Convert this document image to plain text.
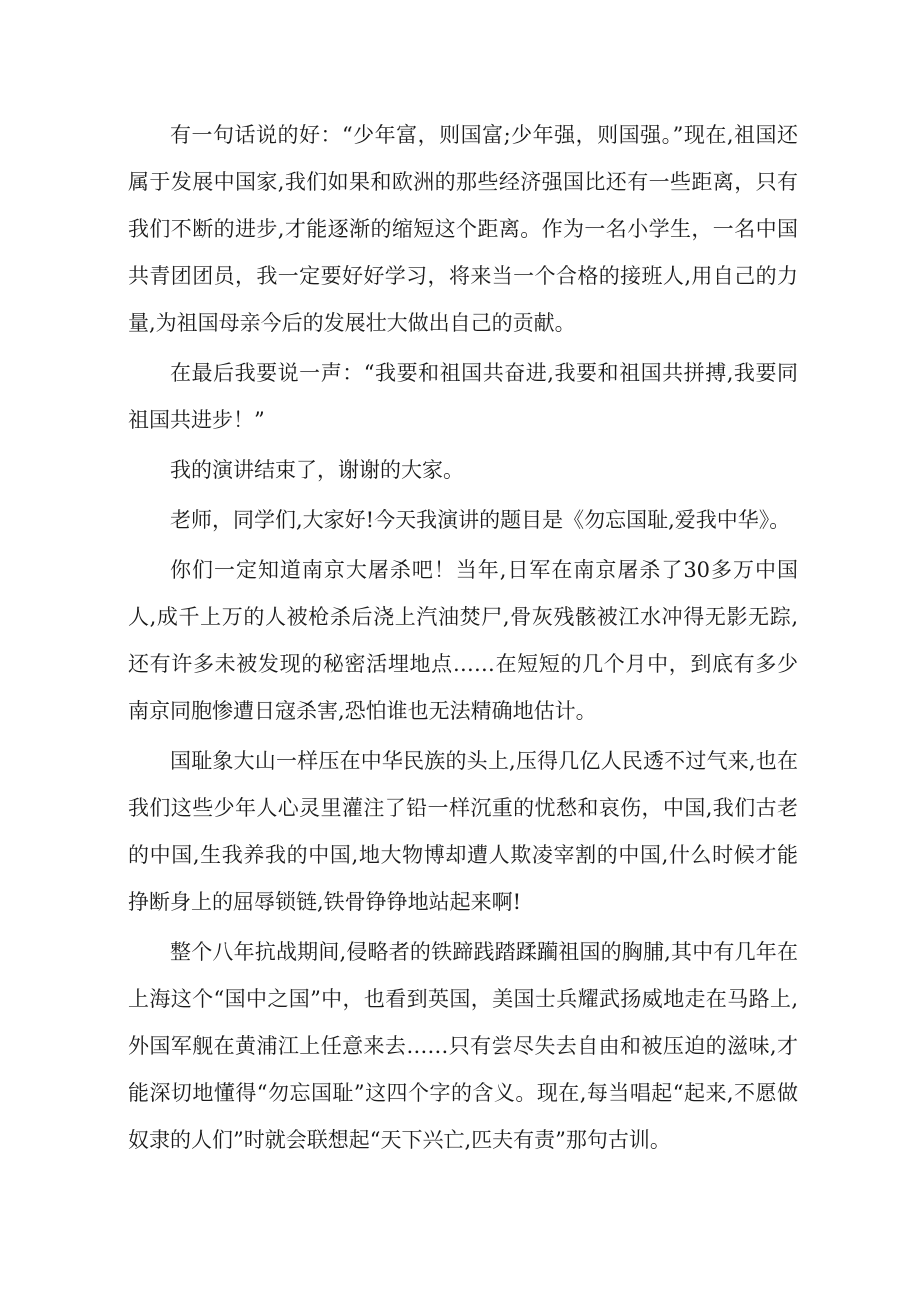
有一句话说的好：“少年富，则国富;少年强，则国强。”现在,祖国还属于发展中国家,我们如果和欧洲的那些经济强国比还有一些距离，只有我们不断的进步,才能逐渐的缩短这个距离。作为一名小学生，一名中国共青团团员，我一定要好好学习，将来当一个合格的接班人,用自己的力量,为祖国母亲今后的发展壮大做出自己的贡献。

在最后我要说一声：“我要和祖国共奋进,我要和祖国共拼搏,我要同祖国共进步！”

我的演讲结束了，谢谢的大家。

老师，同学们,大家好!今天我演讲的题目是《勿忘国耻,爱我中华》。

你们一定知道南京大屠杀吧！当年,日军在南京屠杀了30多万中国人,成千上万的人被枪杀后浇上汽油焚尸,骨灰残骸被江水冲得无影无踪,还有许多未被发现的秘密活埋地点……在短短的几个月中，到底有多少南京同胞惨遭日寇杀害,恐怕谁也无法精确地估计。

国耻象大山一样压在中华民族的头上,压得几亿人民透不过气来,也在我们这些少年人心灵里灌注了铅一样沉重的忧愁和哀伤，中国,我们古老的中国,生我养我的中国,地大物博却遭人欺凌宰割的中国,什么时候才能挣断身上的屈辱锁链,铁骨铮铮地站起来啊!

整个八年抗战期间,侵略者的铁蹄践踏蹂躏祖国的胸脯,其中有几年在上海这个“国中之国”中，也看到英国，美国士兵耀武扬威地走在马路上,外国军舰在黄浦江上任意来去……只有尝尽失去自由和被压迫的滋味,才能深切地懂得“勿忘国耻”这四个字的含义。现在,每当唱起“起来,不愿做奴隶的人们”时就会联想起“天下兴亡,匹夫有责”那句古训。
